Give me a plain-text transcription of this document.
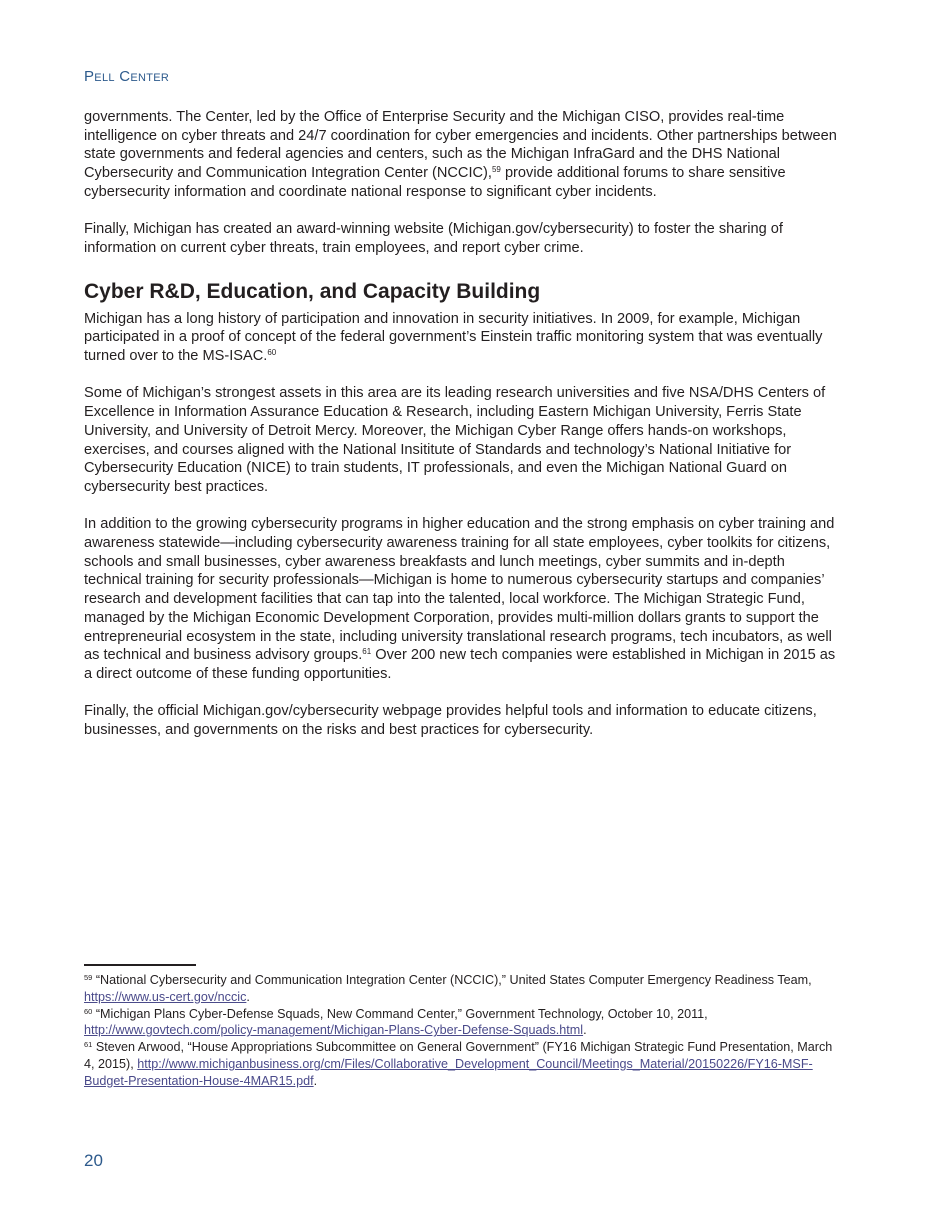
Pell Center

governments. The Center, led by the Office of Enterprise Security and the Michigan CISO, provides real-time intelligence on cyber threats and 24/7 coordination for cyber emergencies and incidents. Other partnerships between state governments and federal agencies and centers, such as the Michigan InfraGard and the DHS National Cybersecurity and Communication Integration Center (NCCIC),$^{59}$ provide additional forums to share sensitive cybersecurity information and coordinate national response to significant cyber incidents.

Finally, Michigan has created an award-winning website (Michigan.gov/cybersecurity) to foster the sharing of information on current cyber threats, train employees, and report cyber crime.

Cyber R&D, Education, and Capacity Building

Michigan has a long history of participation and innovation in security initiatives. In 2009, for example, Michigan participated in a proof of concept of the federal government’s Einstein traffic monitoring system that was eventually turned over to the MS-ISAC.$^{60}$

Some of Michigan’s strongest assets in this area are its leading research universities and five NSA/DHS Centers of Excellence in Information Assurance Education & Research, including Eastern Michigan University, Ferris State University, and University of Detroit Mercy. Moreover, the Michigan Cyber Range offers hands-on workshops, exercises, and courses aligned with the National Insititute of Standards and technology’s National Initiative for Cybersecurity Education (NICE) to train students, IT professionals, and even the Michigan National Guard on cybersecurity best practices.

In addition to the growing cybersecurity programs in higher education and the strong emphasis on cyber training and awareness statewide—including cybersecurity awareness training for all state employees, cyber toolkits for citizens, schools and small businesses, cyber awareness breakfasts and lunch meetings, cyber summits and in-depth technical training for security professionals—Michigan is home to numerous cybersecurity startups and companies’ research and development facilities that can tap into the talented, local workforce. The Michigan Strategic Fund, managed by the Michigan Economic Development Corporation, provides multi-million dollars grants to support the entrepreneurial ecosystem in the state, including university translational research programs, tech incubators, as well as technical and business advisory groups.$^{61}$ Over 200 new tech companies were established in Michigan in 2015 as a direct outcome of these funding opportunities.

Finally, the official Michigan.gov/cybersecurity webpage provides helpful tools and information to educate citizens, businesses, and governments on the risks and best practices for cybersecurity.

$^{59}$ “National Cybersecurity and Communication Integration Center (NCCIC),” United States Computer Emergency Readiness Team, https://www.us-cert.gov/nccic.

$^{60}$ “Michigan Plans Cyber-Defense Squads, New Command Center,” Government Technology, October 10, 2011, http://www.govtech.com/policy-management/Michigan-Plans-Cyber-Defense-Squads.html.

$^{61}$ Steven Arwood, “House Appropriations Subcommittee on General Government” (FY16 Michigan Strategic Fund Presentation, March 4, 2015), http://www.michiganbusiness.org/cm/Files/Collaborative_Development_Council/Meetings_Material/20150226/FY16-MSF-Budget-Presentation-House-4MAR15.pdf.

20
